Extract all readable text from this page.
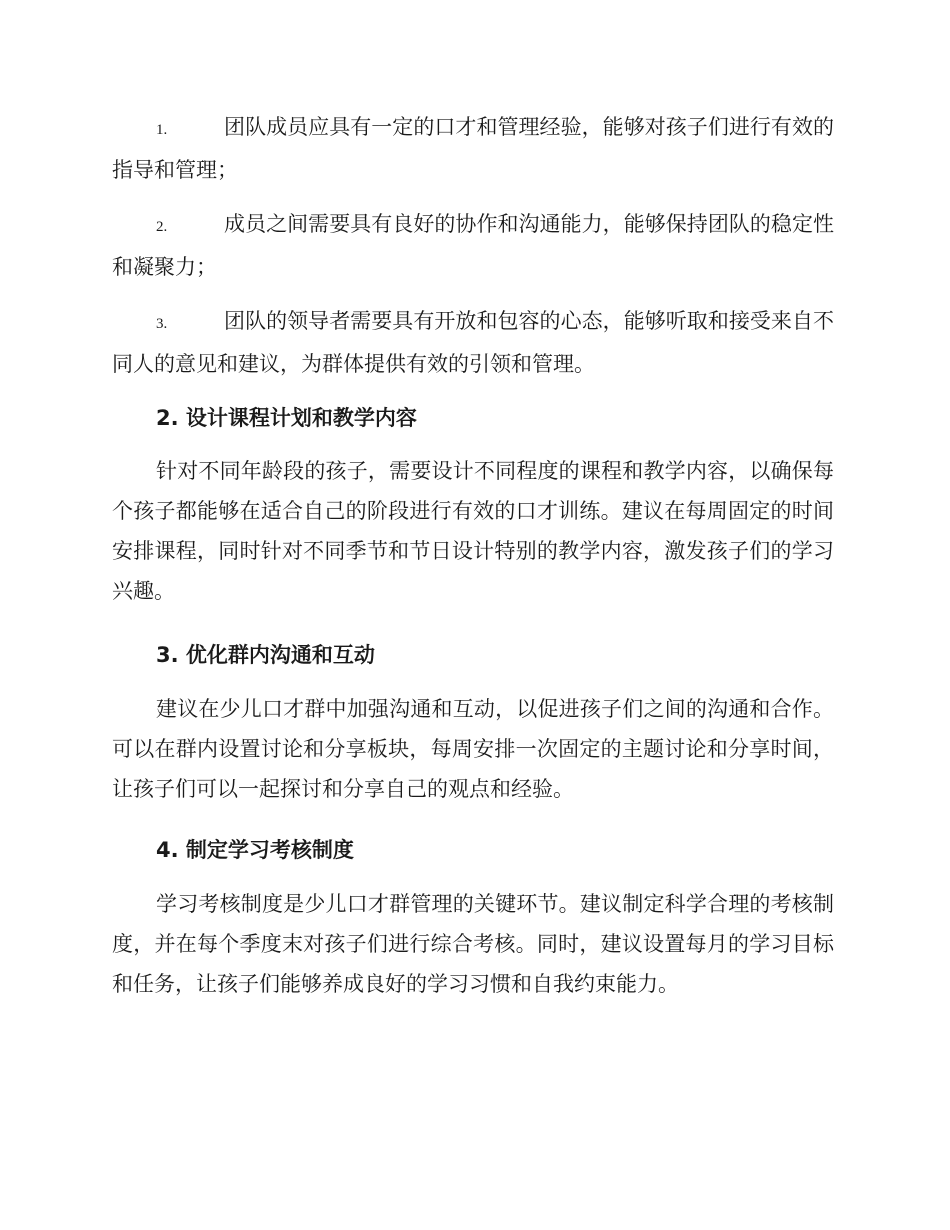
1.	团队成员应具有一定的口才和管理经验，能够对孩子们进行有效的指导和管理；
2.	成员之间需要具有良好的协作和沟通能力，能够保持团队的稳定性和凝聚力；
3.	团队的领导者需要具有开放和包容的心态，能够听取和接受来自不同人的意见和建议，为群体提供有效的引领和管理。
2. 设计课程计划和教学内容
针对不同年龄段的孩子，需要设计不同程度的课程和教学内容，以确保每个孩子都能够在适合自己的阶段进行有效的口才训练。建议在每周固定的时间安排课程，同时针对不同季节和节日设计特别的教学内容，激发孩子们的学习兴趣。
3. 优化群内沟通和互动
建议在少儿口才群中加强沟通和互动，以促进孩子们之间的沟通和合作。可以在群内设置讨论和分享板块，每周安排一次固定的主题讨论和分享时间，让孩子们可以一起探讨和分享自己的观点和经验。
4. 制定学习考核制度
学习考核制度是少儿口才群管理的关键环节。建议制定科学合理的考核制度，并在每个季度末对孩子们进行综合考核。同时，建议设置每月的学习目标和任务，让孩子们能够养成良好的学习习惯和自我约束能力。
